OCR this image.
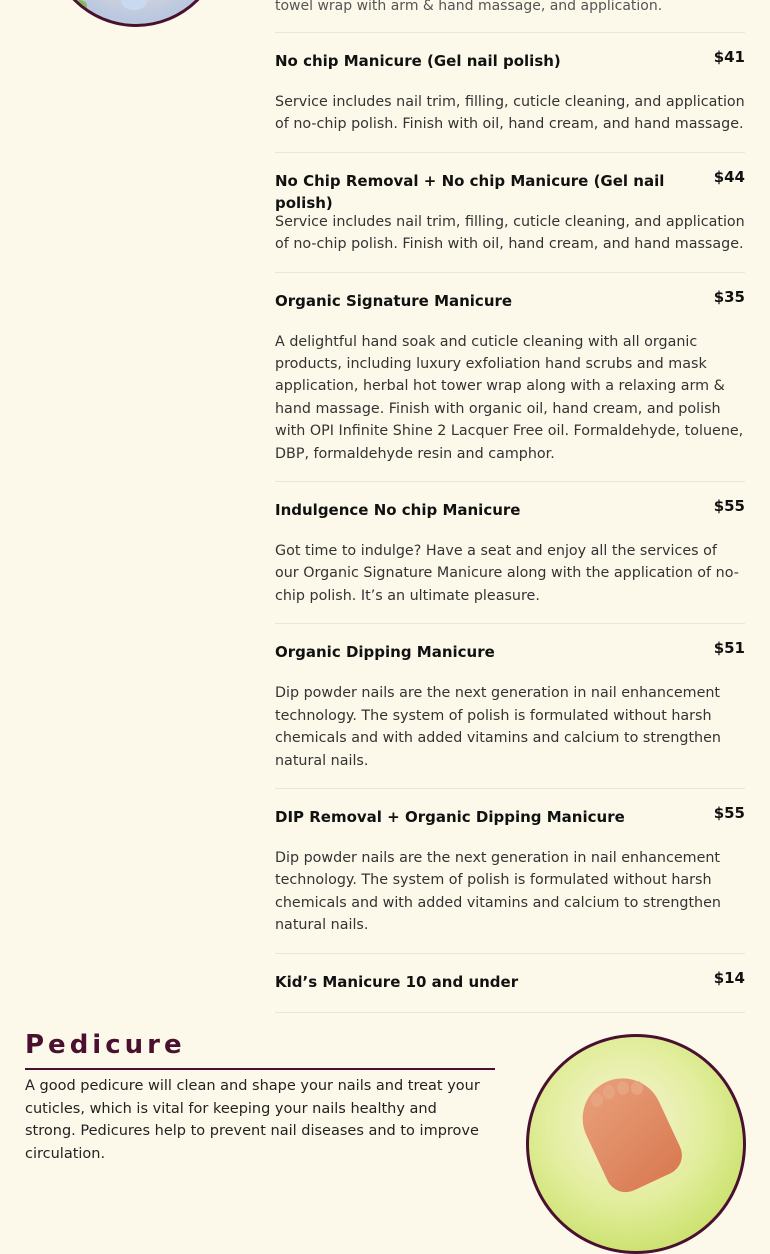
towel wrap with arm & hand massage, and application.
No chip Manicure (Gel nail polish)	$41

Service includes nail trim, filling, cuticle cleaning, and application of no-chip polish. Finish with oil, hand cream, and hand massage.

No Chip Removal + No chip Manicure (Gel nail polish)
$44

Service includes nail trim, filling, cuticle cleaning, and application of no-chip polish. Finish with oil, hand cream, and hand massage.

Organic Signature Manicure	$35

A delightful hand soak and cuticle cleaning with all organic products, including luxury exfoliation hand scrubs and mask application, herbal hot tower wrap along with a relaxing arm & hand massage. Finish with organic oil, hand cream, and polish with OPI Infinite Shine 2 Lacquer Free oil. Formaldehyde, toluene, DBP, formaldehyde resin and camphor.

Indulgence No chip Manicure	$55

Got time to indulge? Have a seat and enjoy all the services of our Organic Signature Manicure along with the application of no-chip polish. It’s an ultimate pleasure.

Organic Dipping Manicure	$51

Dip powder nails are the next generation in nail enhancement technology. The system of polish is formulated without harsh chemicals and with added vitamins and calcium to strengthen natural nails.

DIP Removal + Organic Dipping Manicure	$55

Dip powder nails are the next generation in nail enhancement technology. The system of polish is formulated without harsh chemicals and with added vitamins and calcium to strengthen natural nails.

Kid’s Manicure 10 and under	$14
Pedicure

A good pedicure will clean and shape your nails and treat your cuticles, which is vital for keeping your nails healthy and strong. Pedicures help to prevent nail diseases and to improve circulation.
